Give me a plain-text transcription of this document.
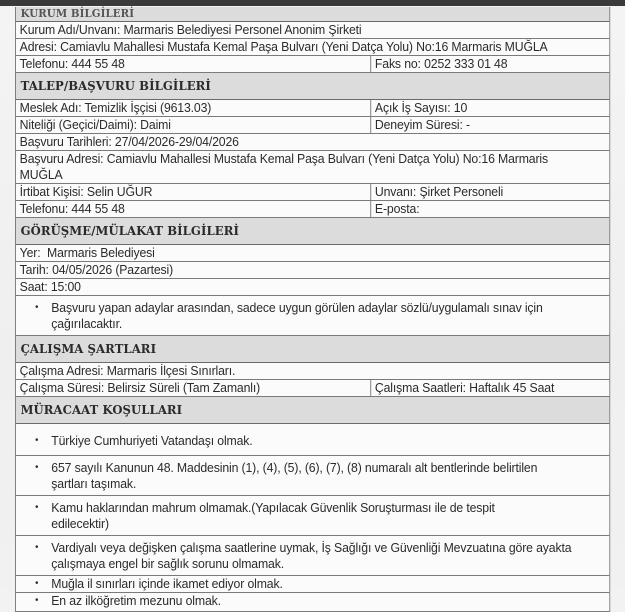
KURUM BİLGİLERİ
Kurum Adı/Unvanı: Marmaris Belediyesi Personel Anonim Şirketi
Adresi: Camiavlu Mahallesi Mustafa Kemal Paşa Bulvarı (Yeni Datça Yolu) No:16 Marmaris MUĞLA
Telefonu: 444 55 48	Faks no: 0252 333 01 48
TALEP/BAŞVURU BİLGİLERİ
Meslek Adı: Temizlik İşçisi (9613.03)	Açık İş Sayısı: 10
Niteliği (Geçici/Daimi): Daimi	Deneyim Süresi: -
Başvuru Tarihleri: 27/04/2026-29/04/2026
Başvuru Adresi: Camiavlu Mahallesi Mustafa Kemal Paşa Bulvarı (Yeni Datça Yolu) No:16 Marmaris MUĞLA
İrtibat Kişisi: Selin UĞUR	Unvanı: Şirket Personeli
Telefonu: 444 55 48	E-posta:
GÖRÜŞME/MÜLAKAT BİLGİLERİ
Yer:  Marmaris Belediyesi
Tarih: 04/05/2026 (Pazartesi)
Saat: 15:00
• Başvuru yapan adaylar arasından, sadece uygun görülen adaylar sözlü/uygulamalı sınav için çağırılacaktır.
ÇALIŞMA ŞARTLARI
Çalışma Adresi: Marmaris İlçesi Sınırları.
Çalışma Süresi: Belirsiz Süreli (Tam Zamanlı)	Çalışma Saatleri: Haftalık 45 Saat
MÜRACAAT KOŞULLARI
• Türkiye Cumhuriyeti Vatandaşı olmak.
• 657 sayılı Kanunun 48. Maddesinin (1), (4), (5), (6), (7), (8) numaralı alt bentlerinde belirtilen şartları taşımak.
• Kamu haklarından mahrum olmamak.(Yapılacak Güvenlik Soruşturması ile de tespit edilecektir)
• Vardiyalı veya değişken çalışma saatlerine uymak, İş Sağlığı ve Güvenliği Mevzuatına göre ayakta çalışmaya engel bir sağlık sorunu olmamak.
• Muğla il sınırları içinde ikamet ediyor olmak.
• En az ilköğretim mezunu olmak.
